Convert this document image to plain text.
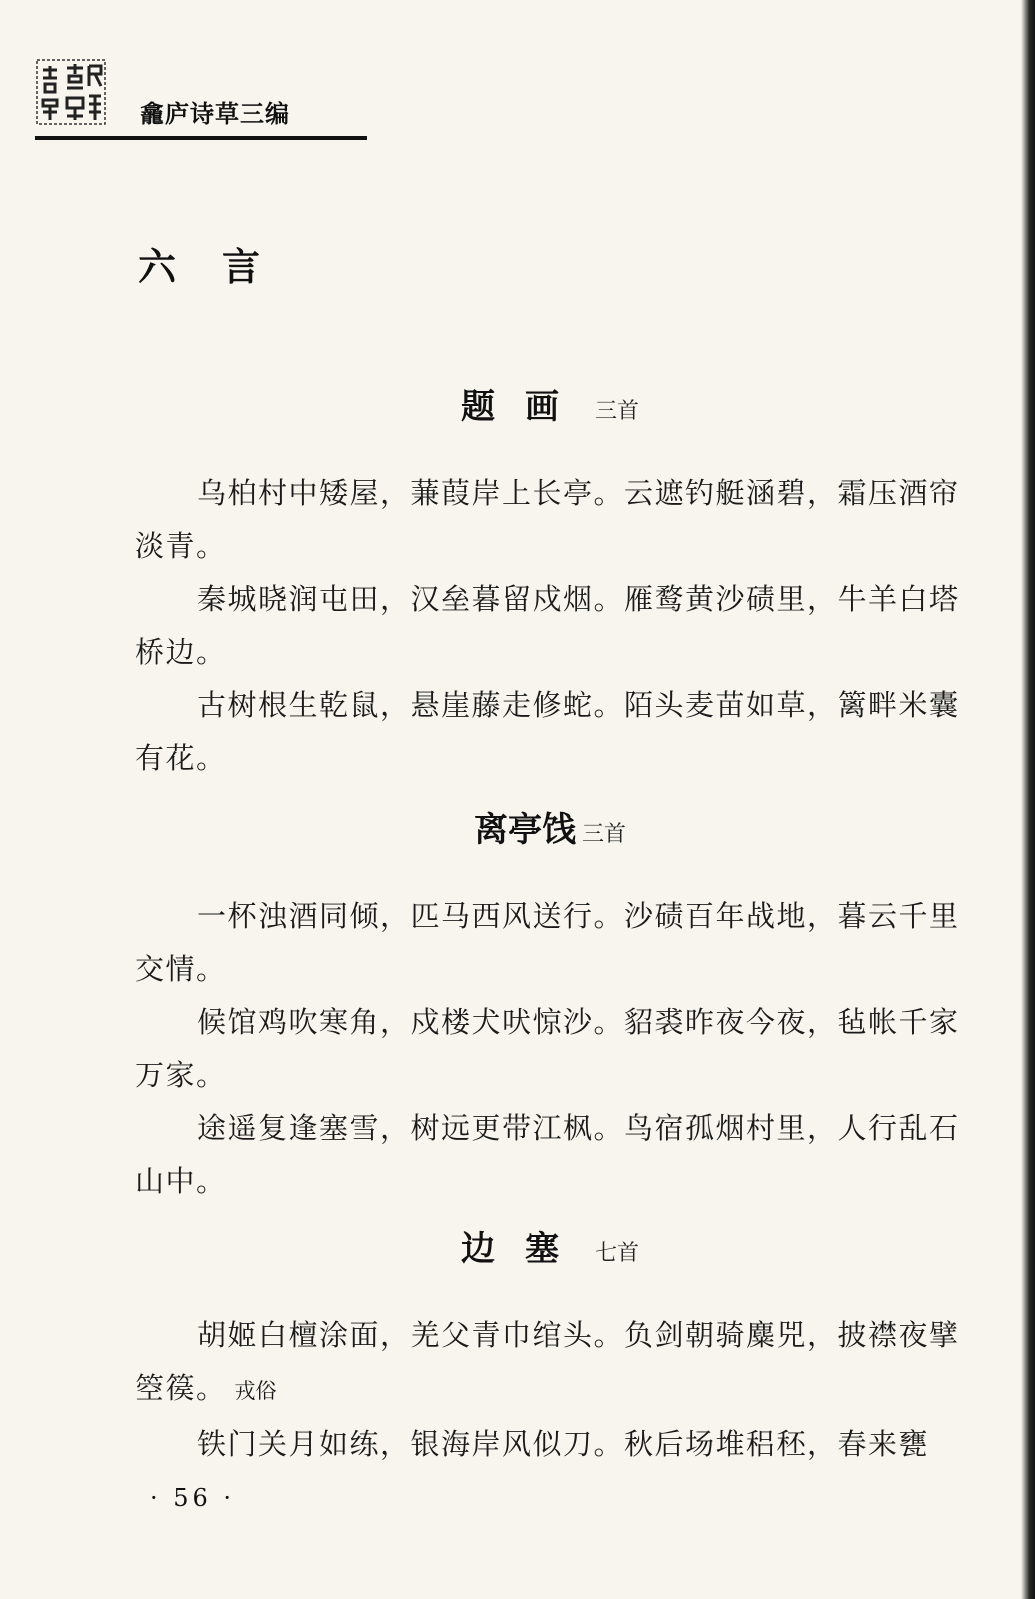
龕庐诗草三编
六言
题画 三首

乌柏村中矮屋，蒹葭岸上长亭。云遮钓艇涵碧，霜压酒帘淡青。

秦城晓润屯田，汉垒暮留戍烟。雁鹜黄沙碛里，牛羊白塔桥边。

古树根生乾鼠，悬崖藤走修蛇。陌头麦苗如草，篱畔米囊有花。

离亭饯 三首

一杯浊酒同倾，匹马西风送行。沙碛百年战地，暮云千里交情。

候馆鸡吹寒角，戍楼犬吠惊沙。貂裘昨夜今夜，毡帐千家万家。

途遥复逢塞雪，树远更带江枫。鸟宿孤烟村里，人行乱石山中。

边塞 七首

胡姬白檀涂面，羌父青巾绾头。负剑朝骑麋兕，披襟夜擘箜篌。 戎俗

铁门关月如练，银海岸风似刀。秋后场堆稆秠，春来甕

· 56 ·
